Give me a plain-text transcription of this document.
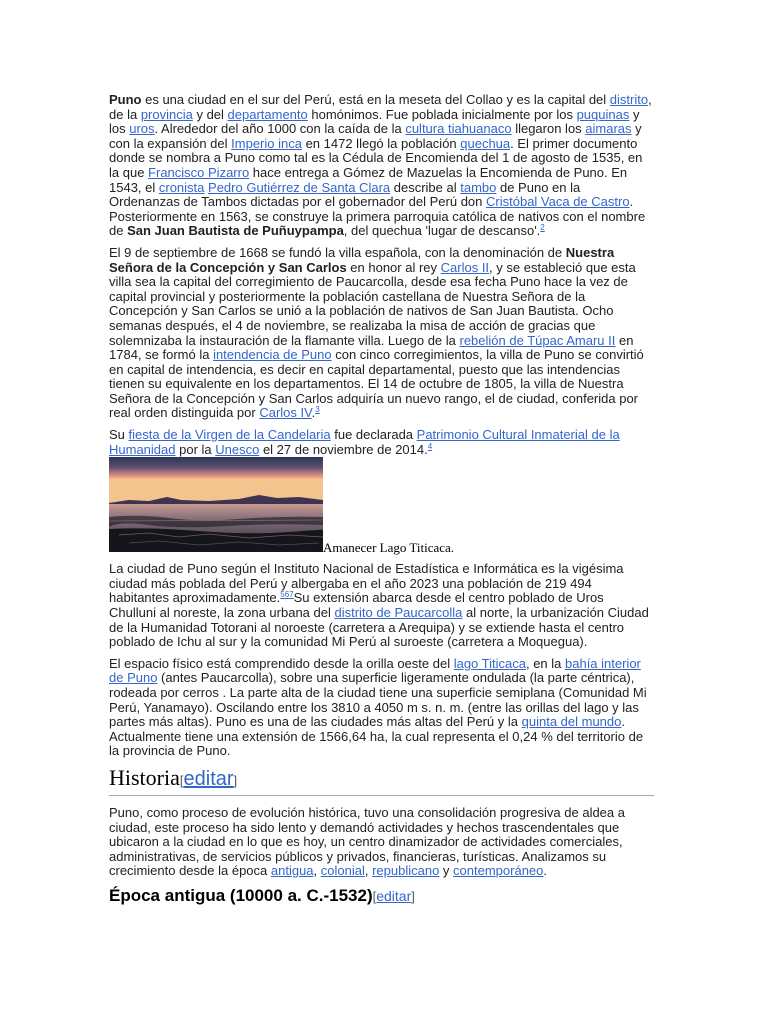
Puno es una ciudad en el sur del Perú, está en la meseta del Collao y es la capital del distrito, de la provincia y del departamento homónimos. Fue poblada inicialmente por los puquinas y los uros. Alrededor del año 1000 con la caída de la cultura tiahuanaco llegaron los aimaras y con la expansión del Imperio inca en 1472 llegó la población quechua. El primer documento donde se nombra a Puno como tal es la Cédula de Encomienda del 1 de agosto de 1535, en la que Francisco Pizarro hace entrega a Gómez de Mazuelas la Encomienda de Puno. En 1543, el cronista Pedro Gutiérrez de Santa Clara describe al tambo de Puno en la Ordenanzas de Tambos dictadas por el gobernador del Perú don Cristóbal Vaca de Castro. Posteriormente en 1563, se construye la primera parroquia católica de nativos con el nombre de San Juan Bautista de Puñuypampa, del quechua 'lugar de descanso'.$^2$

El 9 de septiembre de 1668 se fundó la villa española, con la denominación de Nuestra Señora de la Concepción y San Carlos en honor al rey Carlos II, y se estableció que esta villa sea la capital del corregimiento de Paucarcolla, desde esa fecha Puno hace la vez de capital provincial y posteriormente la población castellana de Nuestra Señora de la Concepción y San Carlos se unió a la población de nativos de San Juan Bautista. Ocho semanas después, el 4 de noviembre, se realizaba la misa de acción de gracias que solemnizaba la instauración de la flamante villa. Luego de la rebelión de Túpac Amaru II en 1784, se formó la intendencia de Puno con cinco corregimientos, la villa de Puno se convirtió en capital de intendencia, es decir en capital departamental, puesto que las intendencias tienen su equivalente en los departamentos. El 14 de octubre de 1805, la villa de Nuestra Señora de la Concepción y San Carlos adquiría un nuevo rango, el de ciudad, conferida por real orden distinguida por Carlos IV.$^3$

Su fiesta de la Virgen de la Candelaria fue declarada Patrimonio Cultural Inmaterial de la Humanidad por la Unesco el 27 de noviembre de 2014.$^4$

Amanecer Lago Titicaca.

La ciudad de Puno según el Instituto Nacional de Estadística e Informática es la vigésima ciudad más poblada del Perú y albergaba en el año 2023 una población de 219 494 habitantes aproximadamente.$^{567}$Su extensión abarca desde el centro poblado de Uros Chulluni al noreste, la zona urbana del distrito de Paucarcolla al norte, la urbanización Ciudad de la Humanidad Totorani al noroeste (carretera a Arequipa) y se extiende hasta el centro poblado de Ichu al sur y la comunidad Mi Perú al suroeste (carretera a Moquegua).

El espacio físico está comprendido desde la orilla oeste del lago Titicaca, en la bahía interior de Puno (antes Paucarcolla), sobre una superficie ligeramente ondulada (la parte céntrica), rodeada por cerros . La parte alta de la ciudad tiene una superficie semiplana (Comunidad Mi Perú, Yanamayo). Oscilando entre los 3810 a 4050 m s. n. m. (entre las orillas del lago y las partes más altas). Puno es una de las ciudades más altas del Perú y la quinta del mundo. Actualmente tiene una extensión de 1566,64 ha, la cual representa el 0,24 % del territorio de la provincia de Puno.

Historia[editar]

Puno, como proceso de evolución histórica, tuvo una consolidación progresiva de aldea a ciudad, este proceso ha sido lento y demandó actividades y hechos trascendentales que ubicaron a la ciudad en lo que es hoy, un centro dinamizador de actividades comerciales, administrativas, de servicios públicos y privados, financieras, turísticas. Analizamos su crecimiento desde la época antigua, colonial, republicano y contemporáneo.

Época antigua (10000 a. C.-1532)[editar]
